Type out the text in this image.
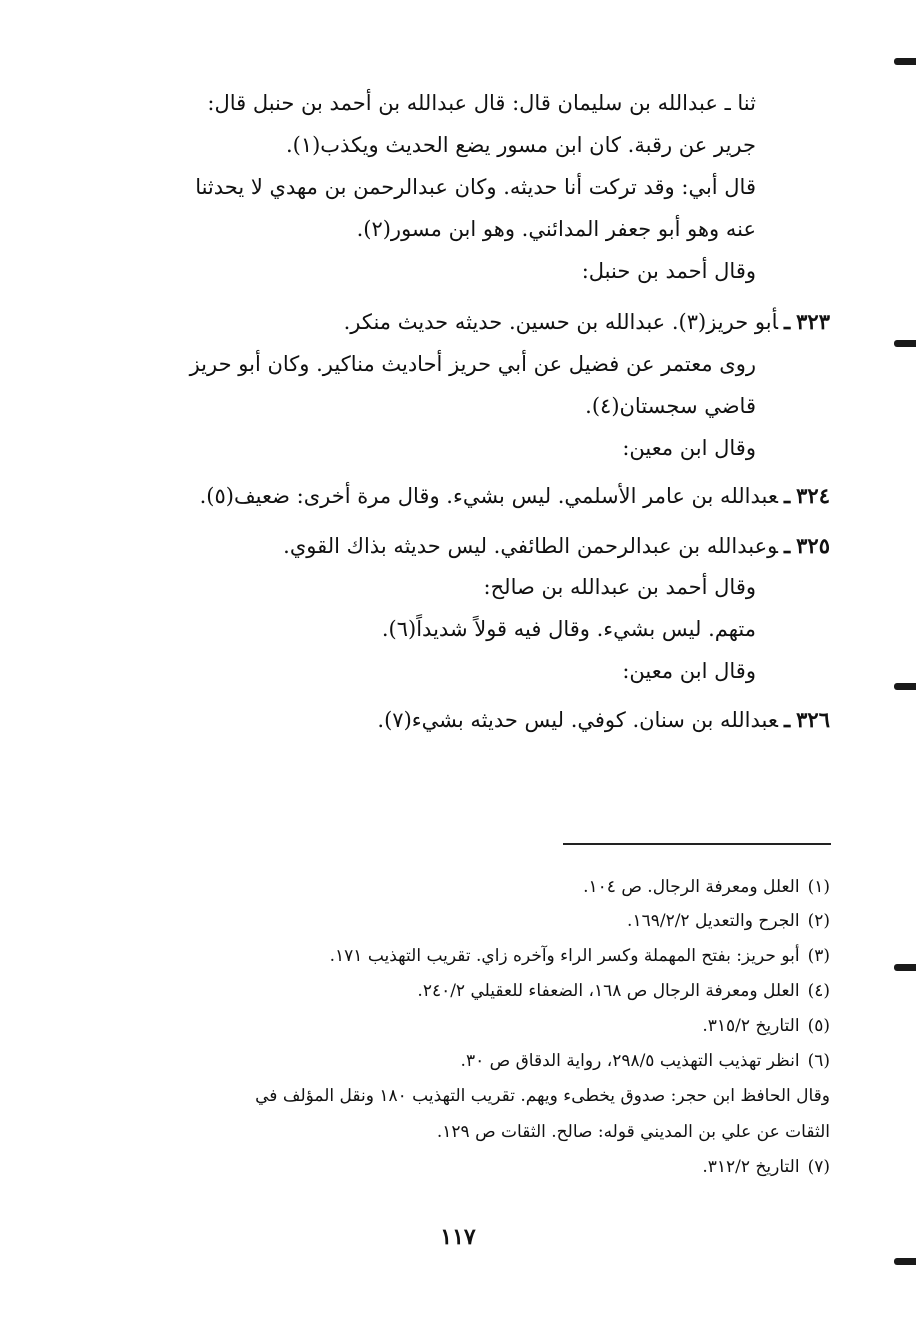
ثنا ـ عبدالله بن سليمان قال: قال عبدالله بن أحمد بن حنبل قال:
جرير عن رقبة. كان ابن مسور يضع الحديث ويكذب(١).
قال أبي: وقد تركت أنا حديثه. وكان عبدالرحمن بن مهدي لا يحدثنا
عنه وهو أبو جعفر المدائني. وهو ابن مسور(٢).
وقال أحمد بن حنبل:
٣٢٣ـأبو حريز(٣). عبدالله بن حسين. حديثه حديث منكر.
روى معتمر عن فضيل عن أبي حريز أحاديث مناكير. وكان أبو حريز
قاضي سجستان(٤).
وقال ابن معين:
٣٢٤ـعبدالله بن عامر الأسلمي. ليس بشيء. وقال مرة أخرى: ضعيف(٥).
٣٢٥ـوعبدالله بن عبدالرحمن الطائفي. ليس حديثه بذاك القوي.
وقال أحمد بن عبدالله بن صالح:
متهم. ليس بشيء. وقال فيه قولاً شديداً(٦).
وقال ابن معين:
٣٢٦ـعبدالله بن سنان. كوفي. ليس حديثه بشيء(٧).
(١)العلل ومعرفة الرجال. ص ١٠٤.
(٢)الجرح والتعديل ١٦٩/٢/٢.
(٣)أبو حريز: بفتح المهملة وكسر الراء وآخره زاي. تقريب التهذيب ١٧١.
(٤)العلل ومعرفة الرجال ص ١٦٨، الضعفاء للعقيلي ٢٤٠/٢.
(٥)التاريخ ٣١٥/٢.
(٦)انظر تهذيب التهذيب ٢٩٨/٥، رواية الدقاق ص ٣٠.
وقال الحافظ ابن حجر: صدوق يخطىء ويهم. تقريب التهذيب ١٨٠ ونقل المؤلف في
الثقات عن علي بن المديني قوله: صالح. الثقات ص ١٢٩.
(٧)التاريخ ٣١٢/٢.
١١٧
